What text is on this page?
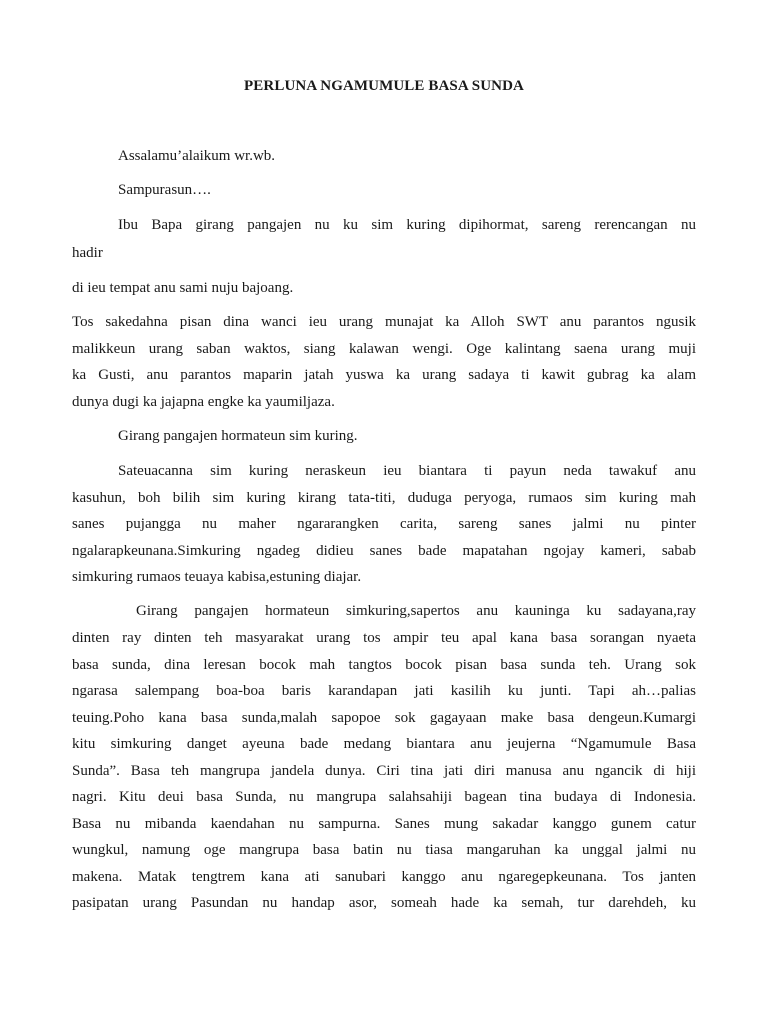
PERLUNA NGAMUMULE BASA SUNDA
Assalamu’alaikum wr.wb.
Sampurasun….
Ibu Bapa girang pangajen nu ku sim kuring dipihormat, sareng rerencangan nu
hadir
di ieu tempat anu sami nuju bajoang.
Tos sakedahna pisan dina wanci ieu urang munajat ka Alloh SWT anu parantos ngusik
malikkeun urang saban waktos, siang kalawan wengi. Oge kalintang saena urang muji
ka Gusti, anu parantos maparin jatah yuswa ka urang sadaya ti kawit gubrag ka alam
dunya dugi ka jajapna engke ka yaumiljaza.
Girang pangajen hormateun sim kuring.
Sateuacanna sim kuring neraskeun ieu biantara ti payun neda tawakuf anu
kasuhun, boh bilih sim kuring kirang tata-titi, duduga peryoga, rumaos sim kuring mah
sanes pujangga nu maher ngararangken carita, sareng sanes jalmi nu pinter
ngalarapkeunana.Simkuring ngadeg didieu sanes bade mapatahan ngojay kameri, sabab
simkuring rumaos teuaya kabisa,estuning diajar.
Girang pangajen hormateun simkuring,sapertos anu kauninga ku sadayana,ray
dinten ray dinten teh masyarakat urang tos ampir teu apal kana basa sorangan nyaeta
basa sunda, dina leresan bocok mah tangtos bocok pisan basa sunda teh. Urang sok
ngarasa salempang boa-boa baris karandapan jati kasilih ku junti. Tapi ah…palias
teuing.Poho kana basa sunda,malah sapopoe sok gagayaan make basa dengeun.Kumargi
kitu simkuring danget ayeuna bade medang biantara anu jeujerna “Ngamumule Basa
Sunda”. Basa teh mangrupa jandela dunya. Ciri tina jati diri manusa anu ngancik di hiji
nagri. Kitu deui basa Sunda, nu mangrupa salahsahiji bagean tina budaya di Indonesia.
Basa nu mibanda kaendahan nu sampurna. Sanes mung sakadar kanggo gunem catur
wungkul, namung oge mangrupa basa batin nu tiasa mangaruhan ka unggal jalmi nu
makena. Matak tengtrem kana ati sanubari kanggo anu ngaregepkeunana. Tos janten
pasipatan urang Pasundan nu handap asor, someah hade ka semah, tur darehdeh, ku
